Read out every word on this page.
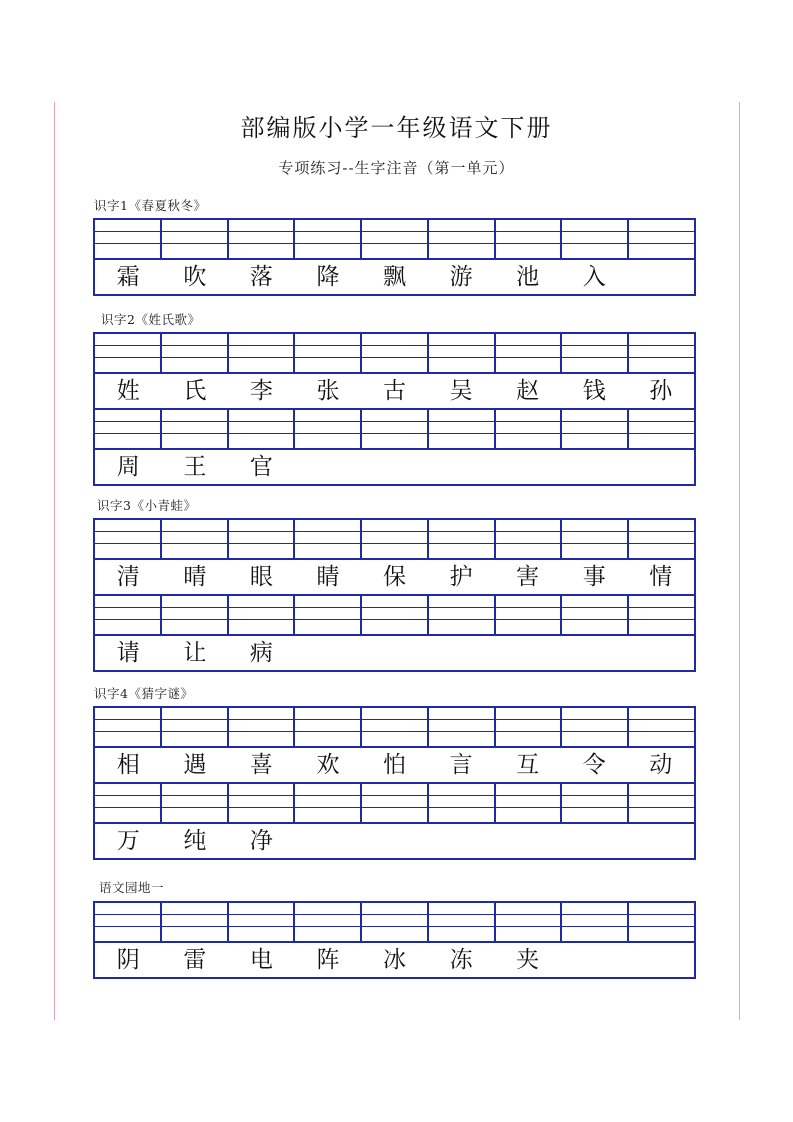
部编版小学一年级语文下册
专项练习--生字注音（第一单元）
识字1《春夏秋冬》
霜	吹	落	降	飘	游	池	入
识字2《姓氏歌》
姓	氏	李	张	古	吴	赵	钱	孙
周	王	官
识字3《小青蛙》
清	晴	眼	睛	保	护	害	事	情
请	让	病
识字4《猜字谜》
相	遇	喜	欢	怕	言	互	令	动
万	纯	净
语文园地一
阴	雷	电	阵	冰	冻	夹
